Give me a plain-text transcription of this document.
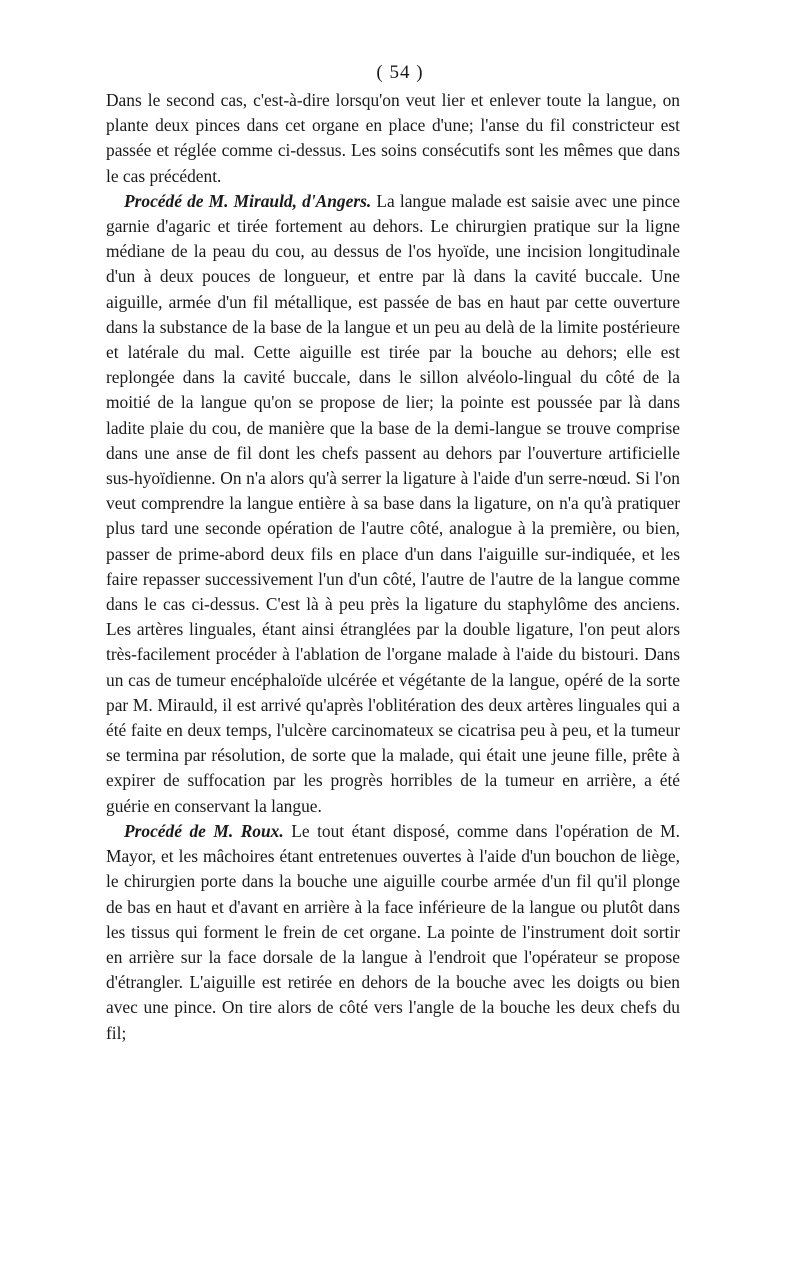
( 54 )

Dans le second cas, c'est-à-dire lorsqu'on veut lier et enlever toute la langue, on plante deux pinces dans cet organe en place d'une; l'anse du fil constricteur est passée et réglée comme ci-dessus. Les soins consécutifs sont les mêmes que dans le cas précédent.

Procédé de M. Mirauld, d'Angers. La langue malade est saisie avec une pince garnie d'agaric et tirée fortement au dehors. Le chirurgien pratique sur la ligne médiane de la peau du cou, au dessus de l'os hyoïde, une incision longitudinale d'un à deux pouces de longueur, et entre par là dans la cavité buccale. Une aiguille, armée d'un fil métallique, est passée de bas en haut par cette ouverture dans la substance de la base de la langue et un peu au delà de la limite postérieure et latérale du mal. Cette aiguille est tirée par la bouche au dehors; elle est replongée dans la cavité buccale, dans le sillon alvéolo-lingual du côté de la moitié de la langue qu'on se propose de lier; la pointe est poussée par là dans ladite plaie du cou, de manière que la base de la demi-langue se trouve comprise dans une anse de fil dont les chefs passent au dehors par l'ouverture artificielle sus-hyoïdienne. On n'a alors qu'à serrer la ligature à l'aide d'un serre-nœud. Si l'on veut comprendre la langue entière à sa base dans la ligature, on n'a qu'à pratiquer plus tard une seconde opération de l'autre côté, analogue à la première, ou bien, passer de prime-abord deux fils en place d'un dans l'aiguille sur-indiquée, et les faire repasser successivement l'un d'un côté, l'autre de l'autre de la langue comme dans le cas ci-dessus. C'est là à peu près la ligature du staphylôme des anciens. Les artères linguales, étant ainsi étranglées par la double ligature, l'on peut alors très-facilement procéder à l'ablation de l'organe malade à l'aide du bistouri. Dans un cas de tumeur encéphaloïde ulcérée et végétante de la langue, opéré de la sorte par M. Mirauld, il est arrivé qu'après l'oblitération des deux artères linguales qui a été faite en deux temps, l'ulcère carcinomateux se cicatrisa peu à peu, et la tumeur se termina par résolution, de sorte que la malade, qui était une jeune fille, prête à expirer de suffocation par les progrès horribles de la tumeur en arrière, a été guérie en conservant la langue.

Procédé de M. Roux. Le tout étant disposé, comme dans l'opération de M. Mayor, et les mâchoires étant entretenues ouvertes à l'aide d'un bouchon de liège, le chirurgien porte dans la bouche une aiguille courbe armée d'un fil qu'il plonge de bas en haut et d'avant en arrière à la face inférieure de la langue ou plutôt dans les tissus qui forment le frein de cet organe. La pointe de l'instrument doit sortir en arrière sur la face dorsale de la langue à l'endroit que l'opérateur se propose d'étrangler. L'aiguille est retirée en dehors de la bouche avec les doigts ou bien avec une pince. On tire alors de côté vers l'angle de la bouche les deux chefs du fil;
